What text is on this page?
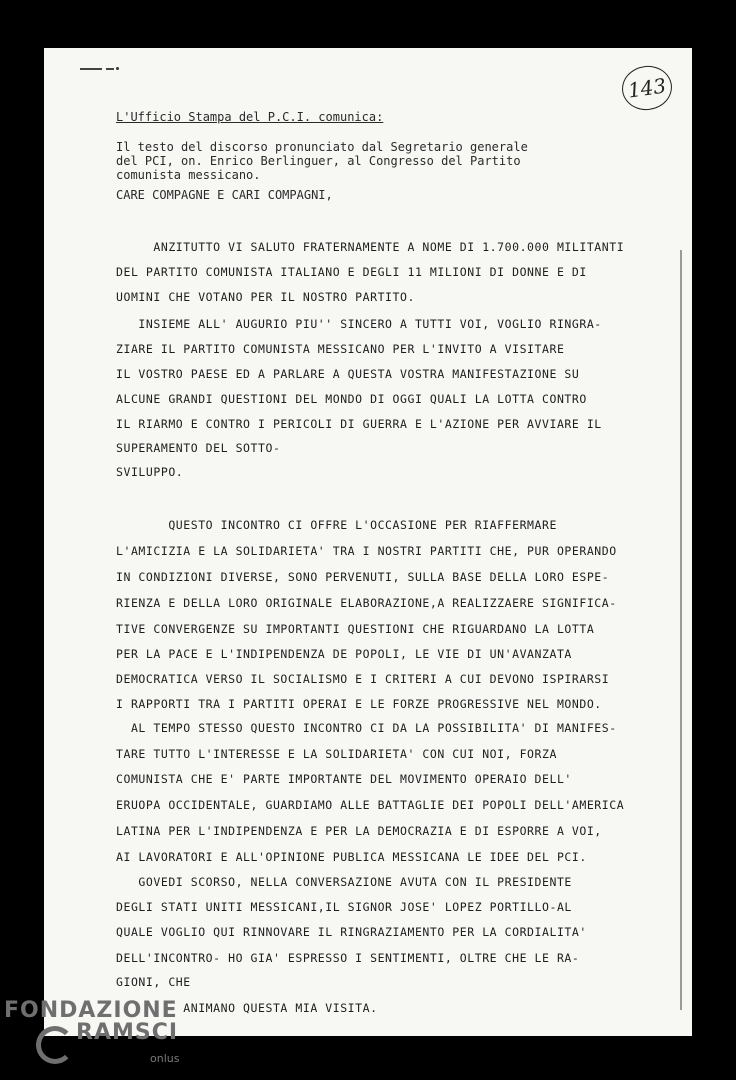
143
L'Ufficio Stampa del P.C.I. comunica:
Il testo del discorso pronunciato dal Segretario generale
del PCI, on. Enrico Berlinguer, al Congresso del Partito
comunista messicano.
CARE COMPAGNE E CARI COMPAGNI,
ANZITUTTO VI SALUTO FRATERNAMENTE A NOME DI 1.700.000 MILITANTI
DEL PARTITO COMUNISTA ITALIANO E DEGLI 11 MILIONI DI DONNE E DI
UOMINI CHE VOTANO PER IL NOSTRO PARTITO.
INSIEME ALL' AUGURIO PIU'' SINCERO A TUTTI VOI, VOGLIO RINGRA-
ZIARE IL PARTITO COMUNISTA MESSICANO PER L'INVITO A VISITARE
IL VOSTRO PAESE ED A PARLARE A QUESTA VOSTRA MANIFESTAZIONE SU
ALCUNE GRANDI QUESTIONI DEL MONDO DI OGGI QUALI LA LOTTA CONTRO
IL RIARMO E CONTRO I PERICOLI DI GUERRA E L'AZIONE PER AVVIARE IL
SUPERAMENTO DEL SOTTO-
SVILUPPO.
QUESTO INCONTRO CI OFFRE L'OCCASIONE PER RIAFFERMARE
L'AMICIZIA E LA SOLIDARIETA' TRA I NOSTRI PARTITI CHE, PUR OPERANDO
IN CONDIZIONI DIVERSE, SONO PERVENUTI, SULLA BASE DELLA LORO ESPE-
RIENZA E DELLA LORO ORIGINALE ELABORAZIONE,A REALIZZAERE SIGNIFICA-
TIVE CONVERGENZE SU IMPORTANTI QUESTIONI CHE RIGUARDANO LA LOTTA
PER LA PACE E L'INDIPENDENZA DE POPOLI, LE VIE DI UN'AVANZATA
DEMOCRATICA VERSO IL SOCIALISMO E I CRITERI A CUI DEVONO ISPIRARSI
I RAPPORTI TRA I PARTITI OPERAI E LE FORZE PROGRESSIVE NEL MONDO.
AL TEMPO STESSO QUESTO INCONTRO CI DA LA POSSIBILITA' DI MANIFES-
TARE TUTTO L'INTERESSE E LA SOLIDARIETA' CON CUI NOI, FORZA
COMUNISTA CHE E' PARTE IMPORTANTE DEL MOVIMENTO OPERAIO DELL'
ERUOPA OCCIDENTALE, GUARDIAMO ALLE BATTAGLIE DEI POPOLI DELL'AMERICA
LATINA PER L'INDIPENDENZA E PER LA DEMOCRAZIA E DI ESPORRE A VOI,
AI LAVORATORI E ALL'OPINIONE PUBLICA MESSICANA LE IDEE DEL PCI.
GOVEDI SCORSO, NELLA CONVERSAZIONE AVUTA CON IL PRESIDENTE
DEGLI STATI UNITI MESSICANI,IL SIGNOR JOSE' LOPEZ PORTILLO-AL
QUALE VOGLIO QUI RINNOVARE IL RINGRAZIAMENTO PER LA CORDIALITA'
DELL'INCONTRO- HO GIA' ESPRESSO I SENTIMENTI, OLTRE CHE LE RA-
GIONI, CHE
ANIMANO QUESTA MIA VISITA.
FONDAZIONE
RAMSCI
onlus
